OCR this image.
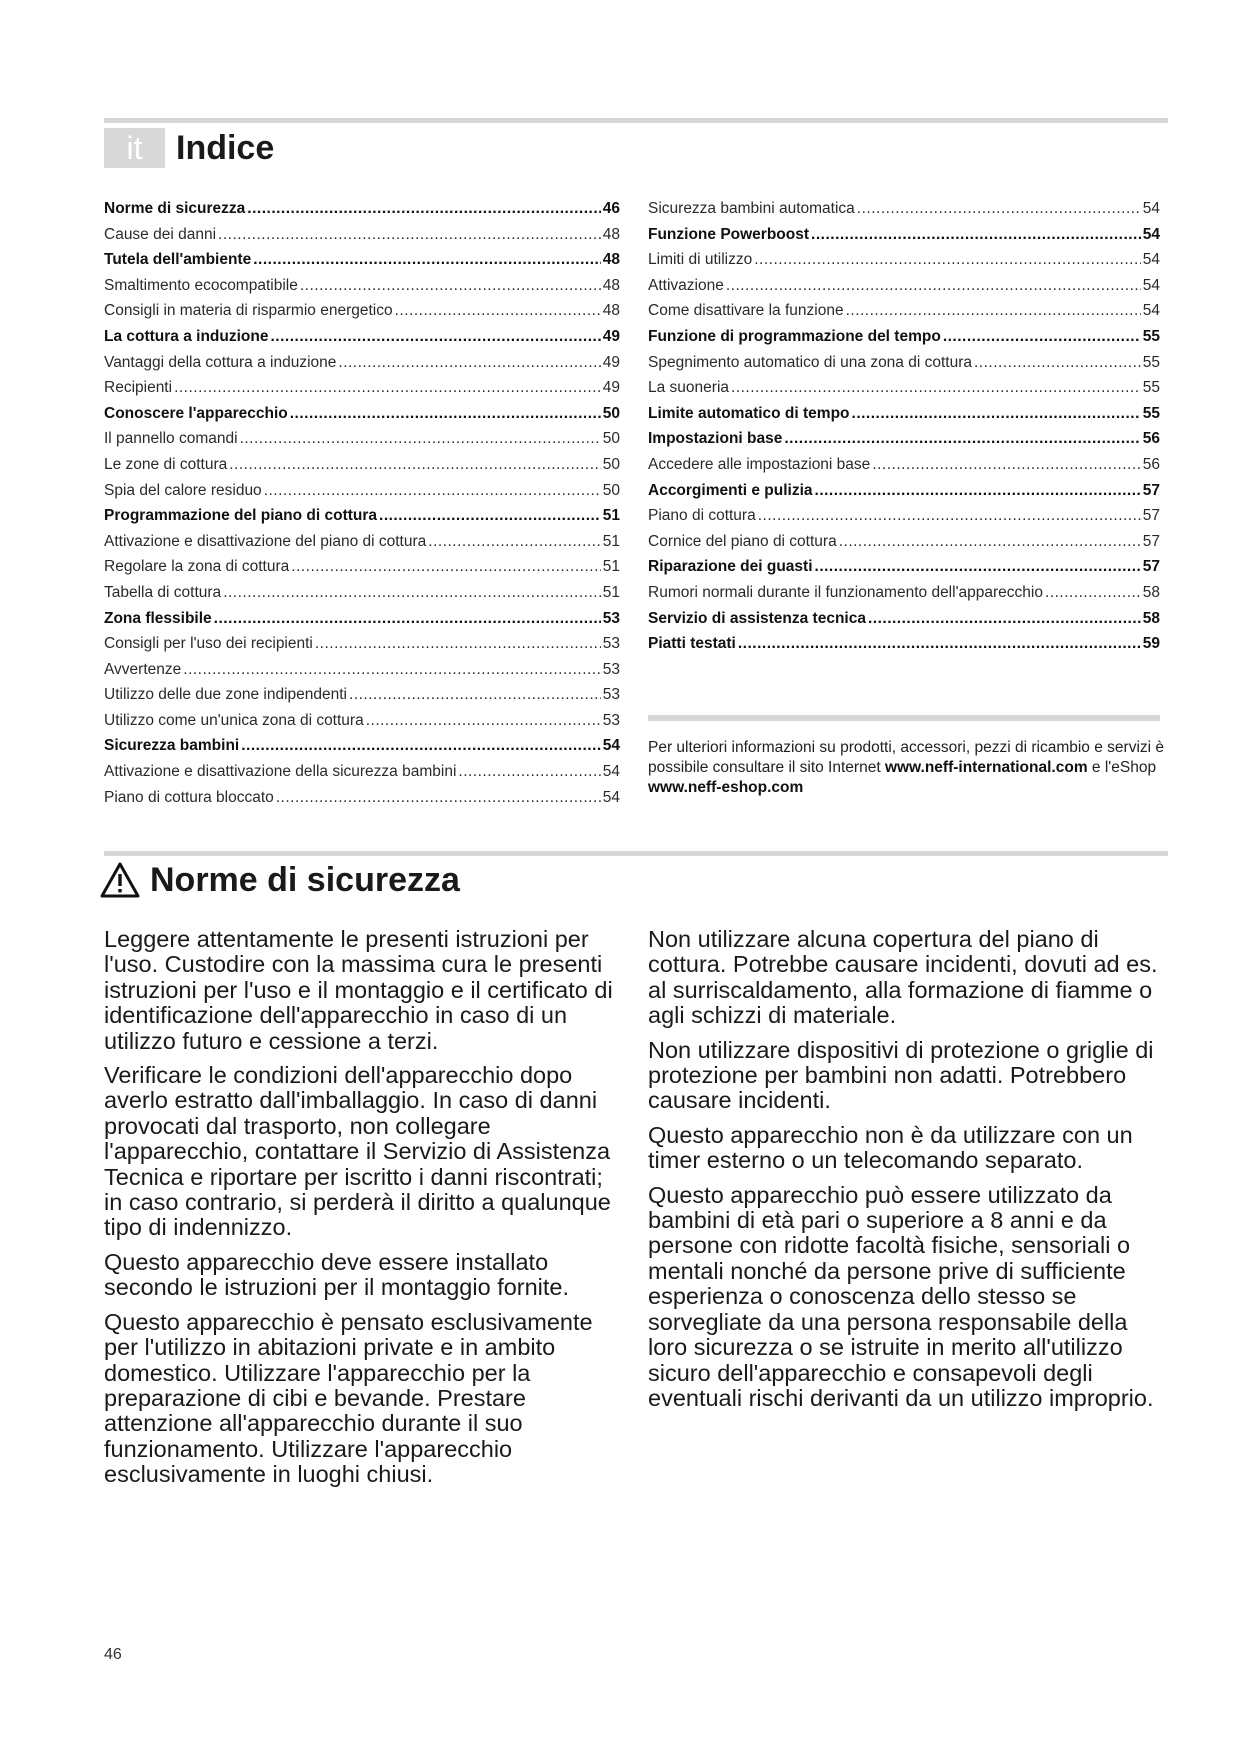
it Indice
Norme di sicurezza .....	46
Cause dei danni .....	48
Tutela dell'ambiente .....	48
Smaltimento ecocompatibile .....	48
Consigli in materia di risparmio energetico .....	48
La cottura a induzione .....	49
Vantaggi della cottura a induzione .....	49
Recipienti .....	49
Conoscere l'apparecchio .....	50
Il pannello comandi .....	50
Le zone di cottura .....	50
Spia del calore residuo .....	50
Programmazione del piano di cottura .....	51
Attivazione e disattivazione del piano di cottura .....	51
Regolare la zona di cottura .....	51
Tabella di cottura .....	51
Zona flessibile .....	53
Consigli per l'uso dei recipienti .....	53
Avvertenze .....	53
Utilizzo delle due zone indipendenti .....	53
Utilizzo come un'unica zona di cottura .....	53
Sicurezza bambini .....	54
Attivazione e disattivazione della sicurezza bambini .....	54
Piano di cottura bloccato .....	54
Sicurezza bambini automatica .....	54
Funzione Powerboost .....	54
Limiti di utilizzo .....	54
Attivazione .....	54
Come disattivare la funzione .....	54
Funzione di programmazione del tempo .....	55
Spegnimento automatico di una zona di cottura .....	55
La suoneria .....	55
Limite automatico di tempo .....	55
Impostazioni base .....	56
Accedere alle impostazioni base .....	56
Accorgimenti e pulizia .....	57
Piano di cottura .....	57
Cornice del piano di cottura .....	57
Riparazione dei guasti .....	57
Rumori normali durante il funzionamento dell'apparecchio .....	58
Servizio di assistenza tecnica .....	58
Piatti testati .....	59
Per ulteriori informazioni su prodotti, accessori, pezzi di ricambio e servizi è possibile consultare il sito Internet www.neff-international.com e l'eShop www.neff-eshop.com
Norme di sicurezza

Leggere attentamente le presenti istruzioni per l'uso. Custodire con la massima cura le presenti istruzioni per l'uso e il montaggio e il certificato di identificazione dell'apparecchio in caso di un utilizzo futuro e cessione a terzi.

Verificare le condizioni dell'apparecchio dopo averlo estratto dall'imballaggio. In caso di danni provocati dal trasporto, non collegare l'apparecchio, contattare il Servizio di Assistenza Tecnica e riportare per iscritto i danni riscontrati; in caso contrario, si perderà il diritto a qualunque tipo di indennizzo.

Questo apparecchio deve essere installato secondo le istruzioni per il montaggio fornite.

Questo apparecchio è pensato esclusivamente per l'utilizzo in abitazioni private e in ambito domestico. Utilizzare l'apparecchio per la preparazione di cibi e bevande. Prestare attenzione all'apparecchio durante il suo funzionamento. Utilizzare l'apparecchio esclusivamente in luoghi chiusi.

Non utilizzare alcuna copertura del piano di cottura. Potrebbe causare incidenti, dovuti ad es. al surriscaldamento, alla formazione di fiamme o agli schizzi di materiale.

Non utilizzare dispositivi di protezione o griglie di protezione per bambini non adatti. Potrebbero causare incidenti.

Questo apparecchio non è da utilizzare con un timer esterno o un telecomando separato.

Questo apparecchio può essere utilizzato da bambini di età pari o superiore a 8 anni e da persone con ridotte facoltà fisiche, sensoriali o mentali nonché da persone prive di sufficiente esperienza o conoscenza dello stesso se sorvegliate da una persona responsabile della loro sicurezza o se istruite in merito all'utilizzo sicuro dell'apparecchio e consapevoli degli eventuali rischi derivanti da un utilizzo improprio.

46
